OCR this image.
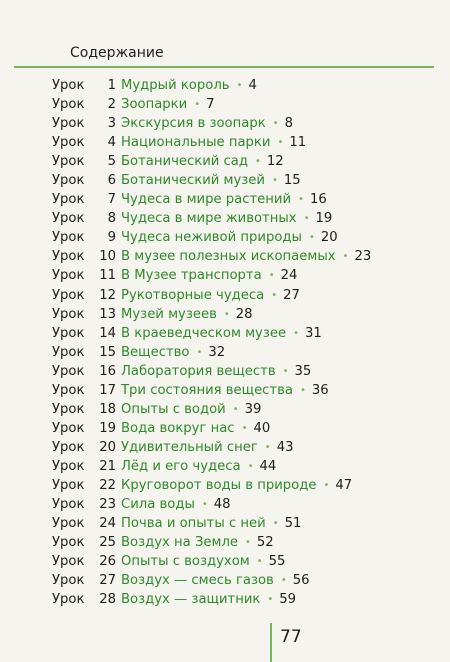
Содержание
Урок 1 Мудрый король • 4
Урок 2 Зоопарки • 7
Урок 3 Экскурсия в зоопарк • 8
Урок 4 Национальные парки • 11
Урок 5 Ботанический сад • 12
Урок 6 Ботанический музей • 15
Урок 7 Чудеса в мире растений • 16
Урок 8 Чудеса в мире животных • 19
Урок 9 Чудеса неживой природы • 20
Урок 10 В музее полезных ископаемых • 23
Урок 11 В Музее транспорта • 24
Урок 12 Рукотворные чудеса • 27
Урок 13 Музей музеев • 28
Урок 14 В краеведческом музее • 31
Урок 15 Вещество • 32
Урок 16 Лаборатория веществ • 35
Урок 17 Три состояния вещества • 36
Урок 18 Опыты с водой • 39
Урок 19 Вода вокруг нас • 40
Урок 20 Удивительный снег • 43
Урок 21 Лёд и его чудеса • 44
Урок 22 Круговорот воды в природе • 47
Урок 23 Сила воды • 48
Урок 24 Почва и опыты с ней • 51
Урок 25 Воздух на Земле • 52
Урок 26 Опыты с воздухом • 55
Урок 27 Воздух — смесь газов • 56
Урок 28 Воздух — защитник • 59
77
